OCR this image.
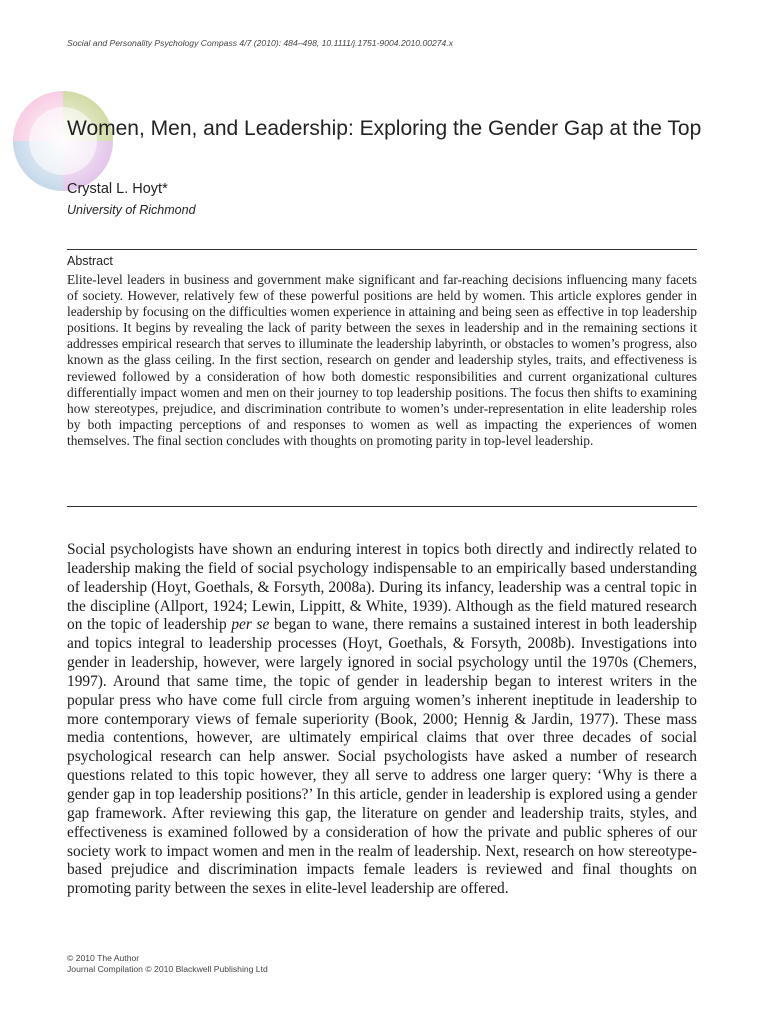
Social and Personality Psychology Compass 4/7 (2010): 484–498, 10.1111/j.1751-9004.2010.00274.x
Women, Men, and Leadership: Exploring the Gender Gap at the Top
Crystal L. Hoyt*
University of Richmond
Abstract

Elite-level leaders in business and government make significant and far-reaching decisions influencing many facets of society. However, relatively few of these powerful positions are held by women. This article explores gender in leadership by focusing on the difficulties women experience in attaining and being seen as effective in top leadership positions. It begins by revealing the lack of parity between the sexes in leadership and in the remaining sections it addresses empirical research that serves to illuminate the leadership labyrinth, or obstacles to women’s progress, also known as the glass ceiling. In the first section, research on gender and leadership styles, traits, and effectiveness is reviewed followed by a consideration of how both domestic responsibilities and current organizational cultures differentially impact women and men on their journey to top leadership positions. The focus then shifts to examining how stereotypes, prejudice, and discrimination contribute to women’s under-representation in elite leadership roles by both impacting perceptions of and responses to women as well as impacting the experiences of women themselves. The final section concludes with thoughts on promoting parity in top-level leadership.

Social psychologists have shown an enduring interest in topics both directly and indirectly related to leadership making the field of social psychology indispensable to an empirically based understanding of leadership (Hoyt, Goethals, & Forsyth, 2008a). During its infancy, leadership was a central topic in the discipline (Allport, 1924; Lewin, Lippitt, & White, 1939). Although as the field matured research on the topic of leadership per se began to wane, there remains a sustained interest in both leadership and topics integral to leadership processes (Hoyt, Goethals, & Forsyth, 2008b). Investigations into gender in leadership, however, were largely ignored in social psychology until the 1970s (Chemers, 1997). Around that same time, the topic of gender in leadership began to interest writers in the popular press who have come full circle from arguing women’s inherent ineptitude in leadership to more contemporary views of female superiority (Book, 2000; Hennig & Jardin, 1977). These mass media contentions, however, are ultimately empirical claims that over three decades of social psychological research can help answer. Social psychologists have asked a number of research questions related to this topic however, they all serve to address one larger query: ‘Why is there a gender gap in top leadership positions?’ In this article, gender in leadership is explored using a gender gap framework. After reviewing this gap, the literature on gender and leadership traits, styles, and effectiveness is examined followed by a consideration of how the private and public spheres of our society work to impact women and men in the realm of leadership. Next, research on how stereotype-based prejudice and discrimination impacts female leaders is reviewed and final thoughts on promoting parity between the sexes in elite-level leadership are offered.

© 2010 The Author
Journal Compilation © 2010 Blackwell Publishing Ltd
